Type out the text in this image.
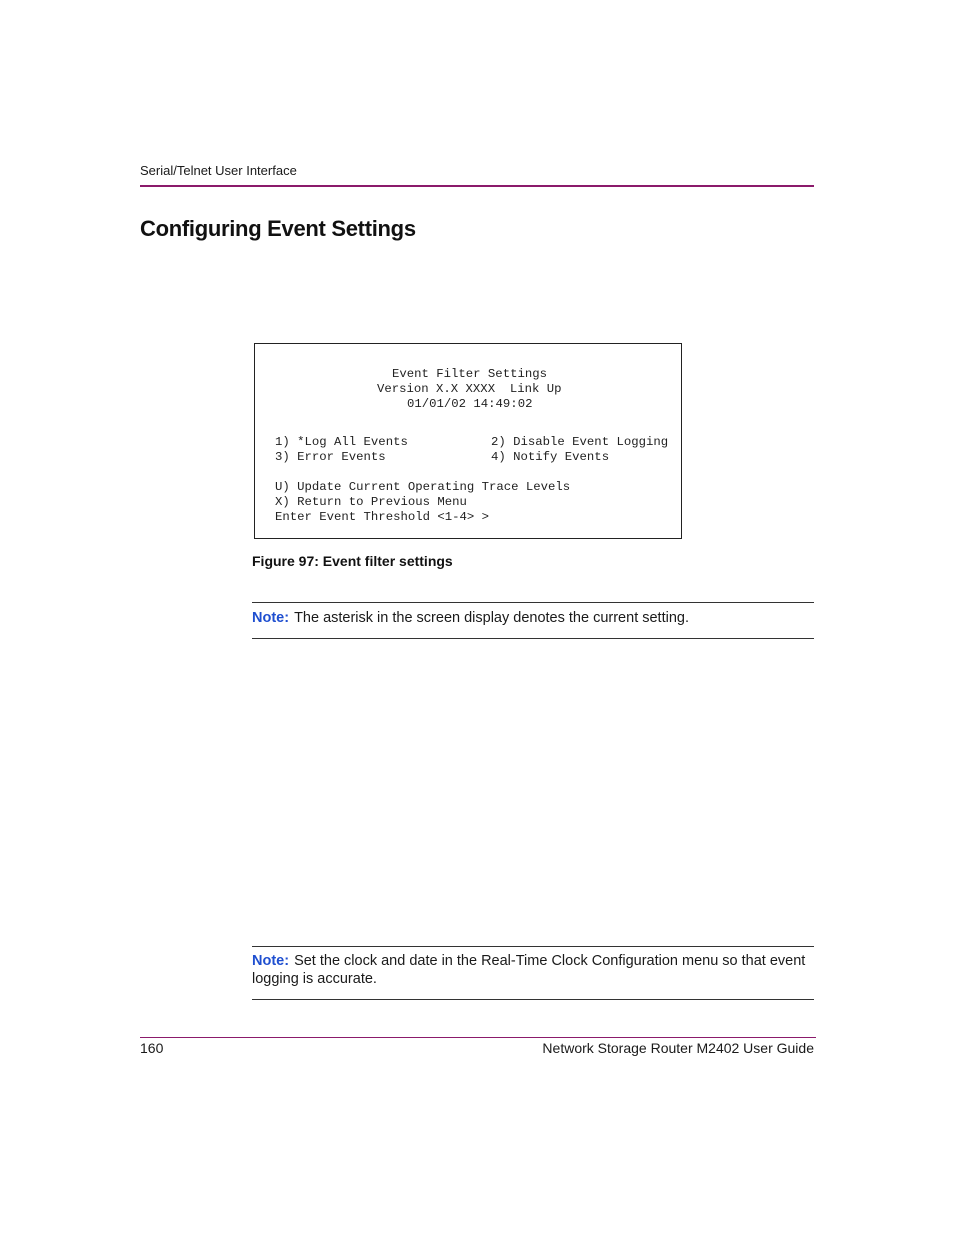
Serial/Telnet User Interface
Configuring Event Settings
Event Filter Settings
Version X.X XXXX  Link Up
01/01/02 14:49:02
1) *Log All Events	2) Disable Event Logging
3) Error Events	4) Notify Events
U) Update Current Operating Trace Levels
X) Return to Previous Menu
Enter Event Threshold <1-4> >
Figure 97: Event filter settings
Note: The asterisk in the screen display denotes the current setting.
Note: Set the clock and date in the Real-Time Clock Configuration menu so that event logging is accurate.
160	Network Storage Router M2402 User Guide
